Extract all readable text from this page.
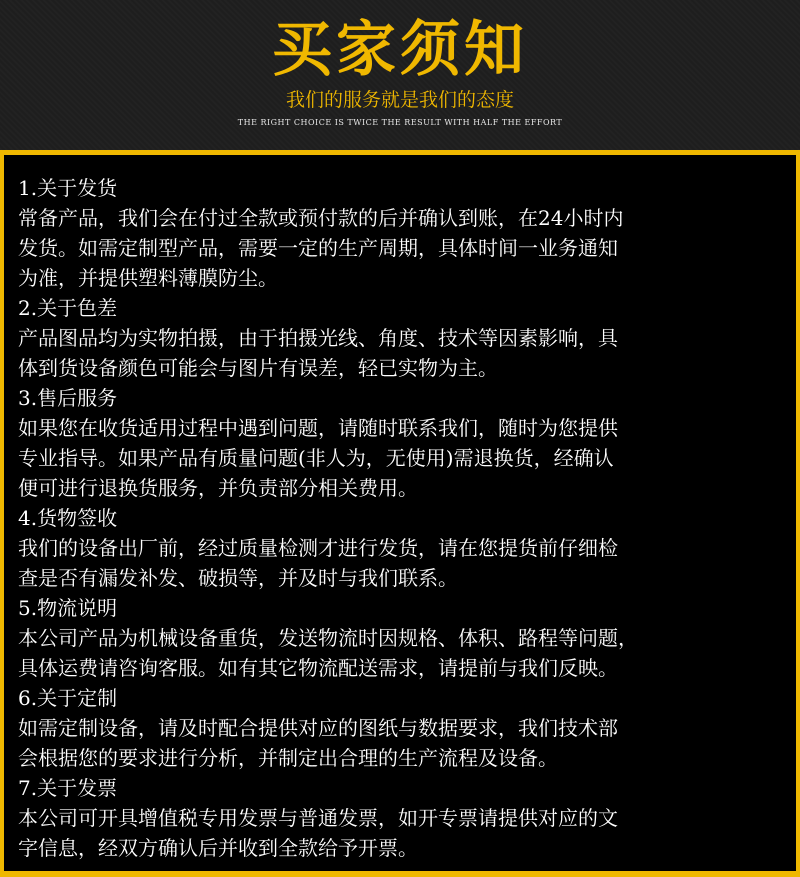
买家须知
我们的服务就是我们的态度
THE RIGHT CHOICE IS TWICE THE RESULT WITH HALF THE EFFORT
1.关于发货
常备产品，我们会在付过全款或预付款的后并确认到账，在24小时内
发货。如需定制型产品，需要一定的生产周期，具体时间一业务通知
为准，并提供塑料薄膜防尘。
2.关于色差
产品图品均为实物拍摄，由于拍摄光线、角度、技术等因素影响，具
体到货设备颜色可能会与图片有误差，轻已实物为主。
3.售后服务
如果您在收货适用过程中遇到问题，请随时联系我们，随时为您提供
专业指导。如果产品有质量问题(非人为，无使用)需退换货，经确认
便可进行退换货服务，并负责部分相关费用。
4.货物签收
我们的设备出厂前，经过质量检测才进行发货，请在您提货前仔细检
查是否有漏发补发、破损等，并及时与我们联系。
5.物流说明
本公司产品为机械设备重货，发送物流时因规格、体积、路程等问题，
具体运费请咨询客服。如有其它物流配送需求，请提前与我们反映。
6.关于定制
如需定制设备，请及时配合提供对应的图纸与数据要求，我们技术部
会根据您的要求进行分析，并制定出合理的生产流程及设备。
7.关于发票
本公司可开具增值税专用发票与普通发票，如开专票请提供对应的文
字信息，经双方确认后并收到全款给予开票。
